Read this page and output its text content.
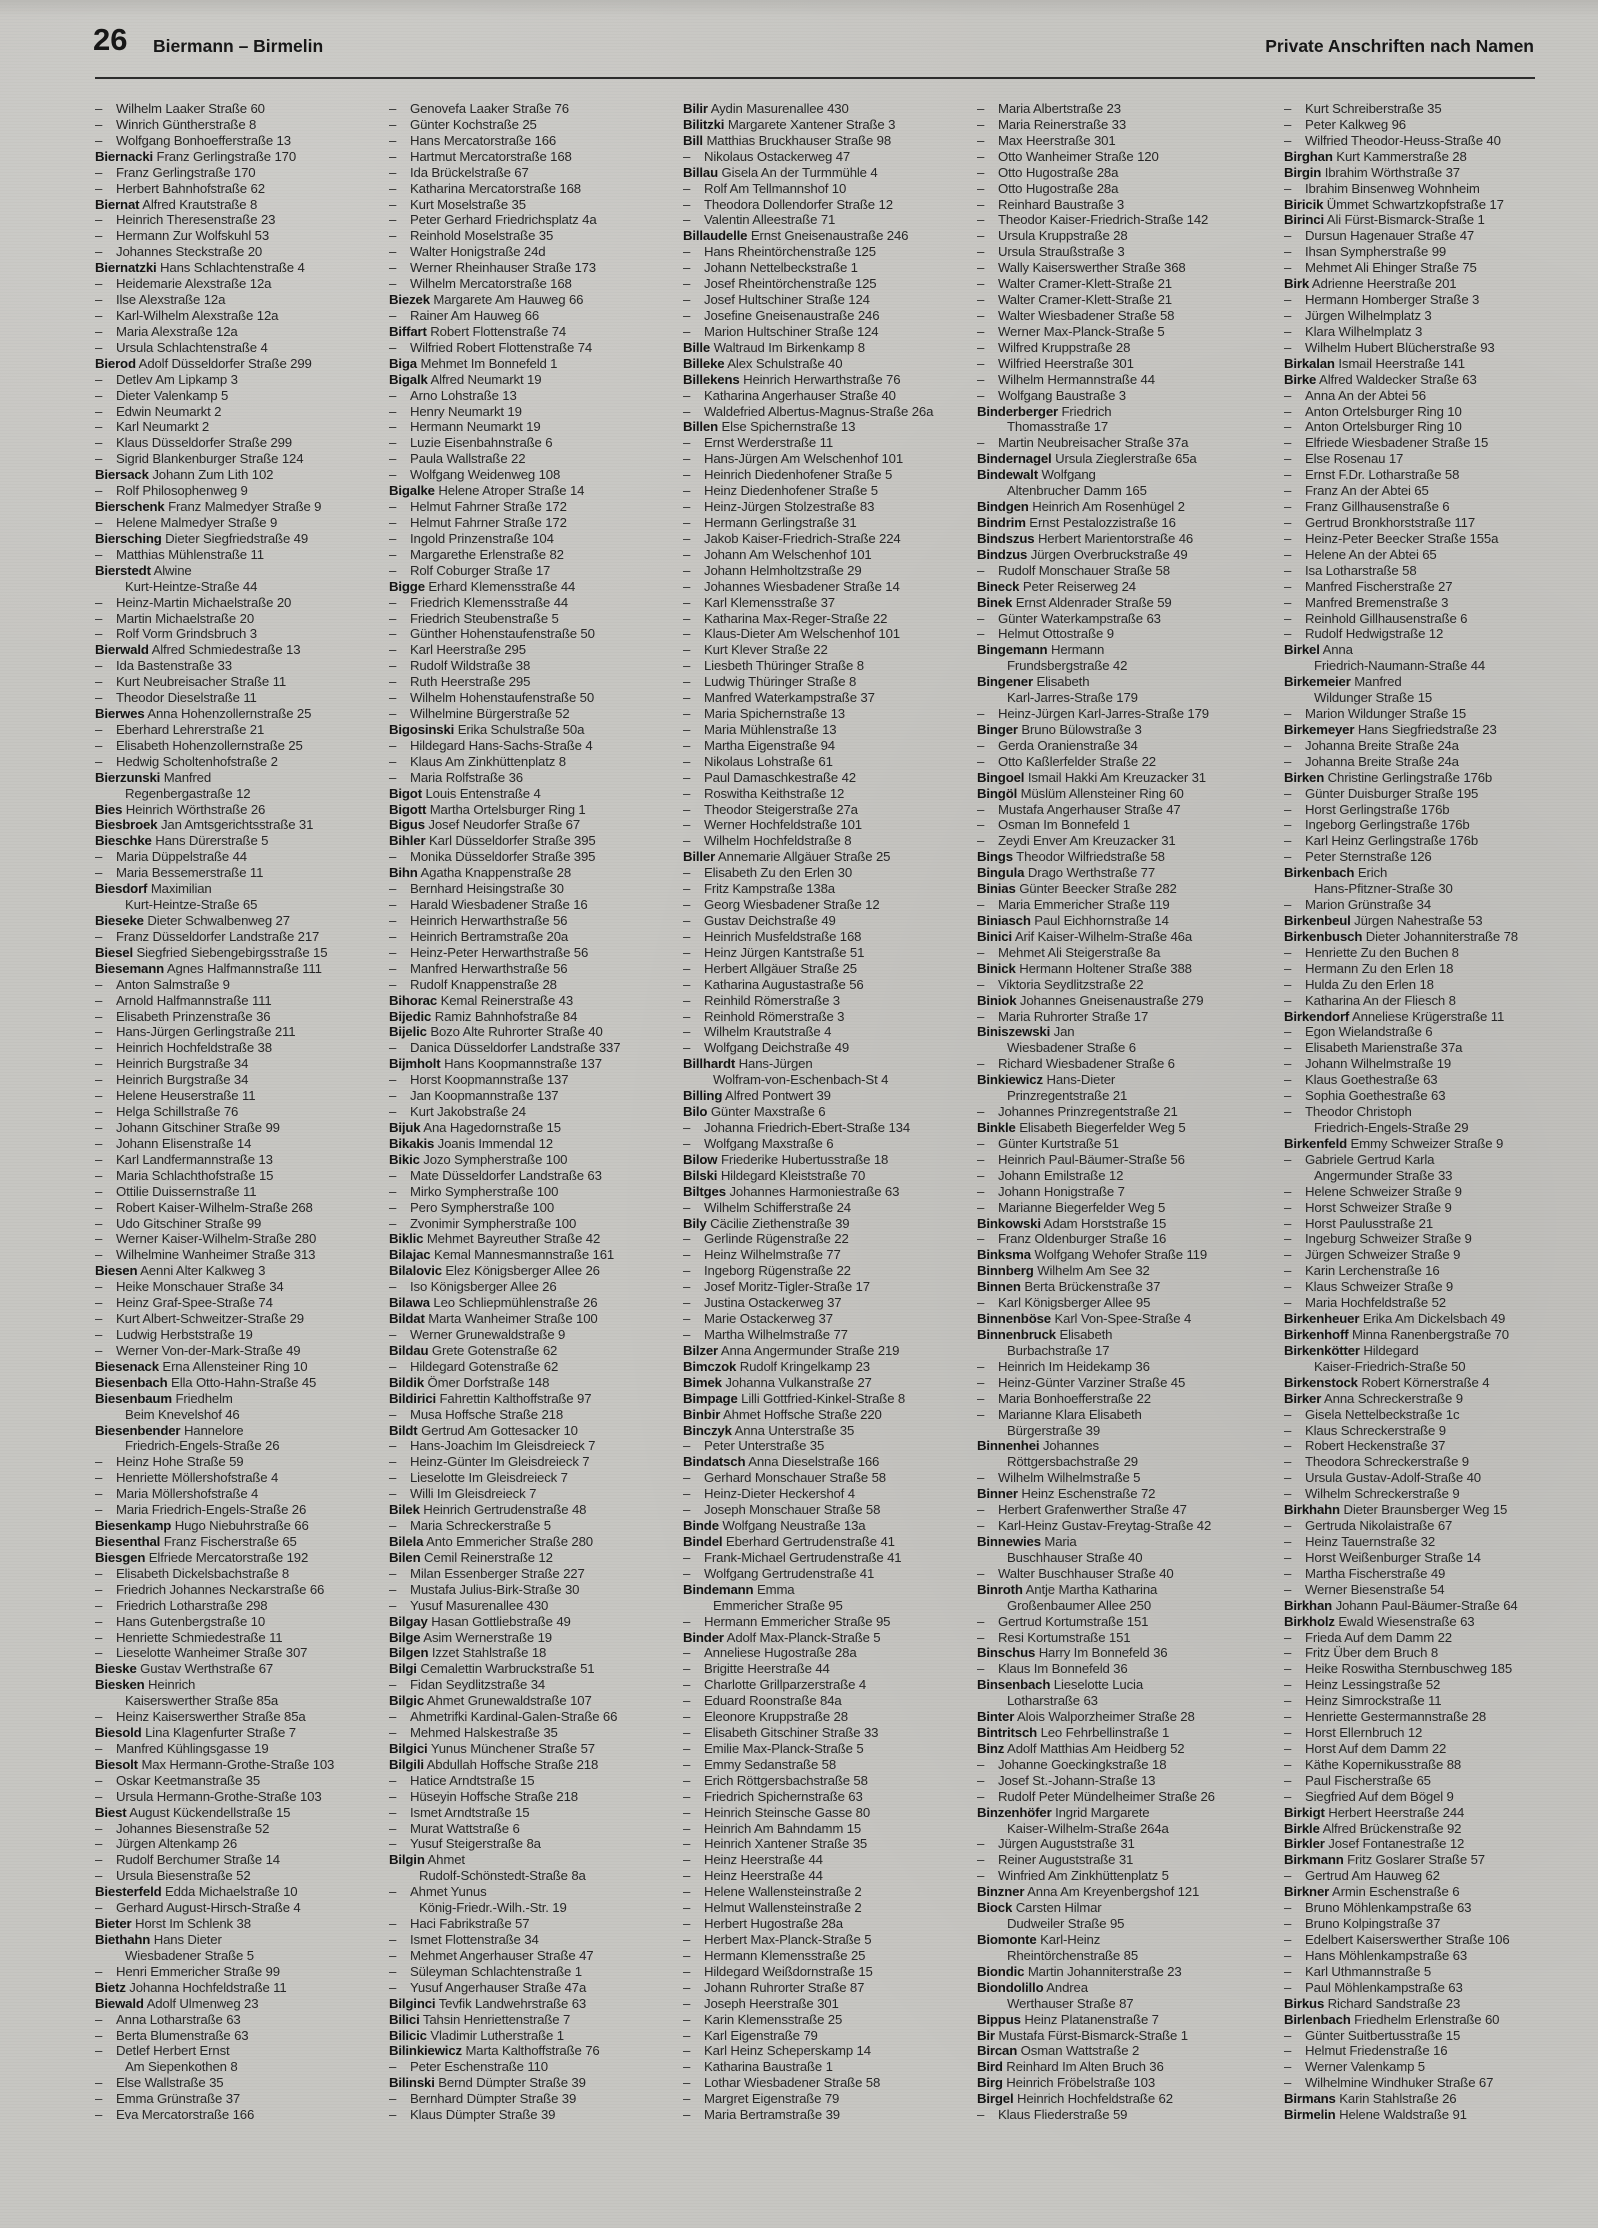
26 Biermann – Birmelin	Private Anschriften nach Namen
– Wilhelm Laaker Straße 60
– Winrich Güntherstraße 8
– Wolfgang Bonhoefferstraße 13
Biernacki Franz Gerlingstraße 170
– Franz Gerlingstraße 170
– Herbert Bahnhofstraße 62
Biernat Alfred Krautstraße 8
– Heinrich Theresenstraße 23
– Hermann Zur Wolfskuhl 53
– Johannes Steckstraße 20
Biernatzki Hans Schlachtenstraße 4
– Heidemarie Alexstraße 12a
– Ilse Alexstraße 12a
– Karl-Wilhelm Alexstraße 12a
– Maria Alexstraße 12a
– Ursula Schlachtenstraße 4
Bierod Adolf Düsseldorfer Straße 299
– Detlev Am Lipkamp 3
– Dieter Valenkamp 5
– Edwin Neumarkt 2
– Karl Neumarkt 2
– Klaus Düsseldorfer Straße 299
– Sigrid Blankenburger Straße 124
Biersack Johann Zum Lith 102
– Rolf Philosophenweg 9
Bierschenk Franz Malmedyer Straße 9
– Helene Malmedyer Straße 9
Biersching Dieter Siegfriedstraße 49
– Matthias Mühlenstraße 11
Bierstedt Alwine
Kurt-Heintze-Straße 44
– Heinz-Martin Michaelstraße 20
– Martin Michaelstraße 20
– Rolf Vorm Grindsbruch 3
Bierwald Alfred Schmiedestraße 13
– Ida Bastenstraße 33
– Kurt Neubreisacher Straße 11
– Theodor Dieselstraße 11
Bierwes Anna Hohenzollernstraße 25
– Eberhard Lehrerstraße 21
– Elisabeth Hohenzollernstraße 25
– Hedwig Scholtenhofstraße 2
Bierzunski Manfred
Regenbergastraße 12
Bies Heinrich Wörthstraße 26
Biesbroek Jan Amtsgerichtsstraße 31
Bieschke Hans Dürerstraße 5
– Maria Düppelstraße 44
– Maria Bessemerstraße 11
Biesdorf Maximilian
Kurt-Heintze-Straße 65
Bieseke Dieter Schwalbenweg 27
– Franz Düsseldorfer Landstraße 217
Biesel Siegfried Siebengebirgsstraße 15
Biesemann Agnes Halfmannstraße 111
– Anton Salmstraße 9
– Arnold Halfmannstraße 111
– Elisabeth Prinzenstraße 36
– Hans-Jürgen Gerlingstraße 211
– Heinrich Hochfeldstraße 38
– Heinrich Burgstraße 34
– Heinrich Burgstraße 34
– Helene Heuserstraße 11
– Helga Schillstraße 76
– Johann Gitschiner Straße 99
– Johann Elisenstraße 14
– Karl Landfermannstraße 13
– Maria Schlachthofstraße 15
– Ottilie Duissernstraße 11
– Robert Kaiser-Wilhelm-Straße 268
– Udo Gitschiner Straße 99
– Werner Kaiser-Wilhelm-Straße 280
– Wilhelmine Wanheimer Straße 313
Biesen Aenni Alter Kalkweg 3
– Heike Monschauer Straße 34
– Heinz Graf-Spee-Straße 74
– Kurt Albert-Schweitzer-Straße 29
– Ludwig Herbststraße 19
– Werner Von-der-Mark-Straße 49
Biesenack Erna Allensteiner Ring 10
Biesenbach Ella Otto-Hahn-Straße 45
Biesenbaum Friedhelm
Beim Knevelshof 46
Biesenbender Hannelore
Friedrich-Engels-Straße 26
– Heinz Hohe Straße 59
– Henriette Möllershofstraße 4
– Maria Möllershofstraße 4
– Maria Friedrich-Engels-Straße 26
Biesenkamp Hugo Niebuhrstraße 66
Biesenthal Franz Fischerstraße 65
Biesgen Elfriede Mercatorstraße 192
– Elisabeth Dickelsbachstraße 8
– Friedrich Johannes Neckarstraße 66
– Friedrich Lotharstraße 298
– Hans Gutenbergstraße 10
– Henriette Schmiedestraße 11
– Lieselotte Wanheimer Straße 307
Bieske Gustav Werthstraße 67
Biesken Heinrich
Kaiserswerther Straße 85a
– Heinz Kaiserswerther Straße 85a
Biesold Lina Klagenfurter Straße 7
– Manfred Kühlingsgasse 19
Biesolt Max Hermann-Grothe-Straße 103
– Oskar Keetmanstraße 35
– Ursula Hermann-Grothe-Straße 103
Biest August Kückendellstraße 15
– Johannes Biesenstraße 52
– Jürgen Altenkamp 26
– Rudolf Berchumer Straße 14
– Ursula Biesenstraße 52
Biesterfeld Edda Michaelstraße 10
– Gerhard August-Hirsch-Straße 4
Bieter Horst Im Schlenk 38
Biethahn Hans Dieter
Wiesbadener Straße 5
– Henri Emmericher Straße 99
Bietz Johanna Hochfeldstraße 11
Biewald Adolf Ulmenweg 23
– Anna Lotharstraße 63
– Berta Blumenstraße 63
– Detlef Herbert Ernst
Am Siepenkothen 8
– Else Wallstraße 35
– Emma Grünstraße 37
– Eva Mercatorstraße 166
– Genovefa Laaker Straße 76
– Günter Kochstraße 25
– Hans Mercatorstraße 166
– Hartmut Mercatorstraße 168
– Ida Brückelstraße 67
– Katharina Mercatorstraße 168
– Kurt Moselstraße 35
– Peter Gerhard Friedrichsplatz 4a
– Reinhold Moselstraße 35
– Walter Honigstraße 24d
– Werner Rheinhauser Straße 173
– Wilhelm Mercatorstraße 168
Biezek Margarete Am Hauweg 66
– Rainer Am Hauweg 66
Biffart Robert Flottenstraße 74
– Wilfried Robert Flottenstraße 74
Biga Mehmet Im Bonnefeld 1
Bigalk Alfred Neumarkt 19
– Arno Lohstraße 13
– Henry Neumarkt 19
– Hermann Neumarkt 19
– Luzie Eisenbahnstraße 6
– Paula Wallstraße 22
– Wolfgang Weidenweg 108
Bigalke Helene Atroper Straße 14
– Helmut Fahrner Straße 172
– Helmut Fahrner Straße 172
– Ingold Prinzenstraße 104
– Margarethe Erlenstraße 82
– Rolf Coburger Straße 17
Bigge Erhard Klemensstraße 44
– Friedrich Klemensstraße 44
– Friedrich Steubenstraße 5
– Günther Hohenstaufenstraße 50
– Karl Heerstraße 295
– Rudolf Wildstraße 38
– Ruth Heerstraße 295
– Wilhelm Hohenstaufenstraße 50
– Wilhelmine Bürgerstraße 52
Bigosinski Erika Schulstraße 50a
– Hildegard Hans-Sachs-Straße 4
– Klaus Am Zinkhüttenplatz 8
– Maria Rolfstraße 36
Bigot Louis Entenstraße 4
Bigott Martha Ortelsburger Ring 1
Bigus Josef Neudorfer Straße 67
Bihler Karl Düsseldorfer Straße 395
– Monika Düsseldorfer Straße 395
Bihn Agatha Knappenstraße 28
– Bernhard Heisingstraße 30
– Harald Wiesbadener Straße 16
– Heinrich Herwarthstraße 56
– Heinrich Bertramstraße 20a
– Heinz-Peter Herwarthstraße 56
– Manfred Herwarthstraße 56
– Rudolf Knappenstraße 28
Bihorac Kemal Reinerstraße 43
Bijedic Ramiz Bahnhofstraße 84
Bijelic Bozo Alte Ruhrorter Straße 40
– Danica Düsseldorfer Landstraße 337
Bijmholt Hans Koopmannstraße 137
– Horst Koopmannstraße 137
– Jan Koopmannstraße 137
– Kurt Jakobstraße 24
Bijuk Ana Hagedornstraße 15
Bikakis Joanis Immendal 12
Bikic Jozo Sympherstraße 100
– Mate Düsseldorfer Landstraße 63
– Mirko Sympherstraße 100
– Pero Sympherstraße 100
– Zvonimir Sympherstraße 100
Biklic Mehmet Bayreuther Straße 42
Bilajac Kemal Mannesmannstraße 161
Bilalovic Elez Königsberger Allee 26
– Iso Königsberger Allee 26
Bilawa Leo Schliepmühlenstraße 26
Bildat Marta Wanheimer Straße 100
– Werner Grunewaldstraße 9
Bildau Grete Gotenstraße 62
– Hildegard Gotenstraße 62
Bildik Ömer Dorfstraße 148
Bildirici Fahrettin Kalthoffstraße 97
– Musa Hoffsche Straße 218
Bildt Gertrud Am Gottesacker 10
– Hans-Joachim Im Gleisdreieck 7
– Heinz-Günter Im Gleisdreieck 7
– Lieselotte Im Gleisdreieck 7
– Willi Im Gleisdreieck 7
Bilek Heinrich Gertrudenstraße 48
– Maria Schreckerstraße 5
Bilela Anto Emmericher Straße 280
Bilen Cemil Reinerstraße 12
– Milan Essenberger Straße 227
– Mustafa Julius-Birk-Straße 30
– Yusuf Masurenallee 430
Bilgay Hasan Gottliebstraße 49
Bilge Asim Wernerstraße 19
Bilgen Izzet Stahlstraße 18
Bilgi Cemalettin Warbruckstraße 51
– Fidan Seydlitzstraße 34
Bilgic Ahmet Grunewaldstraße 107
– Ahmetrifki Kardinal-Galen-Straße 66
– Mehmed Halskestraße 35
Bilgici Yunus Münchener Straße 57
Bilgili Abdullah Hoffsche Straße 218
– Hatice Arndtstraße 15
– Hüseyin Hoffsche Straße 218
– Ismet Arndtstraße 15
– Murat Wattstraße 6
– Yusuf Steigerstraße 8a
Bilgin Ahmet
Rudolf-Schönstedt-Straße 8a
– Ahmet Yunus
König-Friedr.-Wilh.-Str. 19
– Haci Fabrikstraße 57
– Ismet Flottenstraße 34
– Mehmet Angerhauser Straße 47
– Süleyman Schlachtenstraße 1
– Yusuf Angerhauser Straße 47a
Bilginci Tevfik Landwehrstraße 63
Bilici Tahsin Henriettenstraße 7
Bilicic Vladimir Lutherstraße 1
Bilinkiewicz Marta Kalthoffstraße 76
– Peter Eschenstraße 110
Bilinski Bernd Dümpter Straße 39
– Bernhard Dümpter Straße 39
– Klaus Dümpter Straße 39
Bilir Aydin Masurenallee 430
Bilitzki Margarete Xantener Straße 3
Bill Matthias Bruckhauser Straße 98
– Nikolaus Ostackerweg 47
Billau Gisela An der Turmmühle 4
– Rolf Am Tellmannshof 10
– Theodora Dollendorfer Straße 12
– Valentin Alleestraße 71
Billaudelle Ernst Gneisenaustraße 246
– Hans Rheintörchenstraße 125
– Johann Nettelbeckstraße 1
– Josef Rheintörchenstraße 125
– Josef Hultschiner Straße 124
– Josefine Gneisenaustraße 246
– Marion Hultschiner Straße 124
Bille Waltraud Im Birkenkamp 8
Billeke Alex Schulstraße 40
Billekens Heinrich Herwarthstraße 76
– Katharina Angerhauser Straße 40
– Waldefried Albertus-Magnus-Straße 26a
Billen Else Spichernstraße 13
– Ernst Werderstraße 11
– Hans-Jürgen Am Welschenhof 101
– Heinrich Diedenhofener Straße 5
– Heinz Diedenhofener Straße 5
– Heinz-Jürgen Stolzestraße 83
– Hermann Gerlingstraße 31
– Jakob Kaiser-Friedrich-Straße 224
– Johann Am Welschenhof 101
– Johann Helmholtzstraße 29
– Johannes Wiesbadener Straße 14
– Karl Klemensstraße 37
– Katharina Max-Reger-Straße 22
– Klaus-Dieter Am Welschenhof 101
– Kurt Klever Straße 22
– Liesbeth Thüringer Straße 8
– Ludwig Thüringer Straße 8
– Manfred Waterkampstraße 37
– Maria Spichernstraße 13
– Maria Mühlenstraße 13
– Martha Eigenstraße 94
– Nikolaus Lohstraße 61
– Paul Damaschkestraße 42
– Roswitha Keithstraße 12
– Theodor Steigerstraße 27a
– Werner Hochfeldstraße 101
– Wilhelm Hochfeldstraße 8
Biller Annemarie Allgäuer Straße 25
– Elisabeth Zu den Erlen 30
– Fritz Kampstraße 138a
– Georg Wiesbadener Straße 12
– Gustav Deichstraße 49
– Heinrich Musfeldstraße 168
– Heinz Jürgen Kantstraße 51
– Herbert Allgäuer Straße 25
– Katharina Augustastraße 56
– Reinhild Römerstraße 3
– Reinhold Römerstraße 3
– Wilhelm Krautstraße 4
– Wolfgang Deichstraße 49
Billhardt Hans-Jürgen
Wolfram-von-Eschenbach-St 4
Billing Alfred Pontwert 39
Bilo Günter Maxstraße 6
– Johanna Friedrich-Ebert-Straße 134
– Wolfgang Maxstraße 6
Bilow Friederike Hubertusstraße 18
Bilski Hildegard Kleiststraße 70
Biltges Johannes Harmoniestraße 63
– Wilhelm Schifferstraße 24
Bily Cäcilie Ziethenstraße 39
– Gerlinde Rügenstraße 22
– Heinz Wilhelmstraße 77
– Ingeborg Rügenstraße 22
– Josef Moritz-Tigler-Straße 17
– Justina Ostackerweg 37
– Marie Ostackerweg 37
– Martha Wilhelmstraße 77
Bilzer Anna Angermunder Straße 219
Bimczok Rudolf Kringelkamp 23
Bimek Johanna Vulkanstraße 27
Bimpage Lilli Gottfried-Kinkel-Straße 8
Binbir Ahmet Hoffsche Straße 220
Binczyk Anna Unterstraße 35
– Peter Unterstraße 35
Bindatsch Anna Dieselstraße 166
– Gerhard Monschauer Straße 58
– Heinz-Dieter Heckershof 4
– Joseph Monschauer Straße 58
Binde Wolfgang Neustraße 13a
Bindel Eberhard Gertrudenstraße 41
– Frank-Michael Gertrudenstraße 41
– Wolfgang Gertrudenstraße 41
Bindemann Emma
Emmericher Straße 95
– Hermann Emmericher Straße 95
Binder Adolf Max-Planck-Straße 5
– Anneliese Hugostraße 28a
– Brigitte Heerstraße 44
– Charlotte Grillparzerstraße 4
– Eduard Roonstraße 84a
– Eleonore Kruppstraße 28
– Elisabeth Gitschiner Straße 33
– Emilie Max-Planck-Straße 5
– Emmy Sedanstraße 58
– Erich Röttgersbachstraße 58
– Friedrich Spichernstraße 63
– Heinrich Steinsche Gasse 80
– Heinrich Am Bahndamm 15
– Heinrich Xantener Straße 35
– Heinz Heerstraße 44
– Heinz Heerstraße 44
– Helene Wallensteinstraße 2
– Helmut Wallensteinstraße 2
– Herbert Hugostraße 28a
– Herbert Max-Planck-Straße 5
– Hermann Klemensstraße 25
– Hildegard Weißdornstraße 15
– Johann Ruhrorter Straße 87
– Joseph Heerstraße 301
– Karin Klemensstraße 25
– Karl Eigenstraße 79
– Karl Heinz Scheperskamp 14
– Katharina Baustraße 1
– Lothar Wiesbadener Straße 58
– Margret Eigenstraße 79
– Maria Bertramstraße 39
– Maria Albertstraße 23
– Maria Reinerstraße 33
– Max Heerstraße 301
– Otto Wanheimer Straße 120
– Otto Hugostraße 28a
– Otto Hugostraße 28a
– Reinhard Baustraße 3
– Theodor Kaiser-Friedrich-Straße 142
– Ursula Kruppstraße 28
– Ursula Straußstraße 3
– Wally Kaiserswerther Straße 368
– Walter Cramer-Klett-Straße 21
– Walter Cramer-Klett-Straße 21
– Walter Wiesbadener Straße 58
– Werner Max-Planck-Straße 5
– Wilfred Kruppstraße 28
– Wilfried Heerstraße 301
– Wilhelm Hermannstraße 44
– Wolfgang Baustraße 3
Binderberger Friedrich
Thomasstraße 17
– Martin Neubreisacher Straße 37a
Bindernagel Ursula Zieglerstraße 65a
Bindewalt Wolfgang
Altenbrucher Damm 165
Bindgen Heinrich Am Rosenhügel 2
Bindrim Ernst Pestalozzistraße 16
Bindszus Herbert Marientorstraße 46
Bindzus Jürgen Overbruckstraße 49
– Rudolf Monschauer Straße 58
Bineck Peter Reiserweg 24
Binek Ernst Aldenrader Straße 59
– Günter Waterkampstraße 63
– Helmut Ottostraße 9
Bingemann Hermann
Frundsbergstraße 42
Bingener Elisabeth
Karl-Jarres-Straße 179
– Heinz-Jürgen Karl-Jarres-Straße 179
Binger Bruno Bülowstraße 3
– Gerda Oranienstraße 34
– Otto Kaßlerfelder Straße 22
Bingoel Ismail Hakki Am Kreuzacker 31
Bingöl Müslüm Allensteiner Ring 60
– Mustafa Angerhauser Straße 47
– Osman Im Bonnefeld 1
– Zeydi Enver Am Kreuzacker 31
Bings Theodor Wilfriedstraße 58
Bingula Drago Werthstraße 77
Binias Günter Beecker Straße 282
– Maria Emmericher Straße 119
Biniasch Paul Eichhornstraße 14
Binici Arif Kaiser-Wilhelm-Straße 46a
– Mehmet Ali Steigerstraße 8a
Binick Hermann Holtener Straße 388
– Viktoria Seydlitzstraße 22
Biniok Johannes Gneisenaustraße 279
– Maria Ruhrorter Straße 17
Biniszewski Jan
Wiesbadener Straße 6
– Richard Wiesbadener Straße 6
Binkiewicz Hans-Dieter
Prinzregentstraße 21
– Johannes Prinzregentstraße 21
Binkle Elisabeth Biegerfelder Weg 5
– Günter Kurtstraße 51
– Heinrich Paul-Bäumer-Straße 56
– Johann Emilstraße 12
– Johann Honigstraße 7
– Marianne Biegerfelder Weg 5
Binkowski Adam Horststraße 15
– Franz Oldenburger Straße 16
Binksma Wolfgang Wehofer Straße 119
Binnberg Wilhelm Am See 32
Binnen Berta Brückenstraße 37
– Karl Königsberger Allee 95
Binnenböse Karl Von-Spee-Straße 4
Binnenbruck Elisabeth
Burbachstraße 17
– Heinrich Im Heidekamp 36
– Heinz-Günter Varziner Straße 45
– Maria Bonhoefferstraße 22
– Marianne Klara Elisabeth
Bürgerstraße 39
Binnenhei Johannes
Röttgersbachstraße 29
– Wilhelm Wilhelmstraße 5
Binner Heinz Eschenstraße 72
– Herbert Grafenwerther Straße 47
– Karl-Heinz Gustav-Freytag-Straße 42
Binnewies Maria
Buschhauser Straße 40
– Walter Buschhauser Straße 40
Binroth Antje Martha Katharina
Großenbaumer Allee 250
– Gertrud Kortumstraße 151
– Resi Kortumstraße 151
Binschus Harry Im Bonnefeld 36
– Klaus Im Bonnefeld 36
Binsenbach Lieselotte Lucia
Lotharstraße 63
Binter Alois Walporzheimer Straße 28
Bintritsch Leo Fehrbellinstraße 1
Binz Adolf Matthias Am Heidberg 52
– Johanne Goeckingkstraße 18
– Josef St.-Johann-Straße 13
– Rudolf Peter Mündelheimer Straße 26
Binzenhöfer Ingrid Margarete
Kaiser-Wilhelm-Straße 264a
– Jürgen Auguststraße 31
– Reiner Auguststraße 31
– Winfried Am Zinkhüttenplatz 5
Binzner Anna Am Kreyenbergshof 121
Biock Carsten Hilmar
Dudweiler Straße 95
Biomonte Karl-Heinz
Rheintörchenstraße 85
Biondic Martin Johanniterstraße 23
Biondolillo Andrea
Werthauser Straße 87
Bippus Heinz Platanenstraße 7
Bir Mustafa Fürst-Bismarck-Straße 1
Bircan Osman Wattstraße 2
Bird Reinhard Im Alten Bruch 36
Birg Heinrich Fröbelstraße 103
Birgel Heinrich Hochfeldstraße 62
– Klaus Fliederstraße 59
– Kurt Schreiberstraße 35
– Peter Kalkweg 96
– Wilfried Theodor-Heuss-Straße 40
Birghan Kurt Kammerstraße 28
Birgin Ibrahim Wörthstraße 37
– Ibrahim Binsenweg Wohnheim
Biricik Ümmet Schwartzkopfstraße 17
Birinci Ali Fürst-Bismarck-Straße 1
– Dursun Hagenauer Straße 47
– Ihsan Sympherstraße 99
– Mehmet Ali Ehinger Straße 75
Birk Adrienne Heerstraße 201
– Hermann Homberger Straße 3
– Jürgen Wilhelmplatz 3
– Klara Wilhelmplatz 3
– Wilhelm Hubert Blücherstraße 93
Birkalan Ismail Heerstraße 141
Birke Alfred Waldecker Straße 63
– Anna An der Abtei 56
– Anton Ortelsburger Ring 10
– Anton Ortelsburger Ring 10
– Elfriede Wiesbadener Straße 15
– Else Rosenau 17
– Ernst F.Dr. Lotharstraße 58
– Franz An der Abtei 65
– Franz Gillhausenstraße 6
– Gertrud Bronkhorststraße 117
– Heinz-Peter Beecker Straße 155a
– Helene An der Abtei 65
– Isa Lotharstraße 58
– Manfred Fischerstraße 27
– Manfred Bremenstraße 3
– Reinhold Gillhausenstraße 6
– Rudolf Hedwigstraße 12
Birkel Anna
Friedrich-Naumann-Straße 44
Birkemeier Manfred
Wildunger Straße 15
– Marion Wildunger Straße 15
Birkemeyer Hans Siegfriedstraße 23
– Johanna Breite Straße 24a
– Johanna Breite Straße 24a
Birken Christine Gerlingstraße 176b
– Günter Duisburger Straße 195
– Horst Gerlingstraße 176b
– Ingeborg Gerlingstraße 176b
– Karl Heinz Gerlingstraße 176b
– Peter Sternstraße 126
Birkenbach Erich
Hans-Pfitzner-Straße 30
– Marion Grünstraße 34
Birkenbeul Jürgen Nahestraße 53
Birkenbusch Dieter Johanniterstraße 78
– Henriette Zu den Buchen 8
– Hermann Zu den Erlen 18
– Hulda Zu den Erlen 18
– Katharina An der Fliesch 8
Birkendorf Anneliese Krügerstraße 11
– Egon Wielandstraße 6
– Elisabeth Marienstraße 37a
– Johann Wilhelmstraße 19
– Klaus Goethestraße 63
– Sophia Goethestraße 63
– Theodor Christoph
Friedrich-Engels-Straße 29
Birkenfeld Emmy Schweizer Straße 9
– Gabriele Gertrud Karla
Angermunder Straße 33
– Helene Schweizer Straße 9
– Horst Schweizer Straße 9
– Horst Paulusstraße 21
– Ingeburg Schweizer Straße 9
– Jürgen Schweizer Straße 9
– Karin Lerchenstraße 16
– Klaus Schweizer Straße 9
– Maria Hochfeldstraße 52
Birkenheuer Erika Am Dickelsbach 49
Birkenhoff Minna Ranenbergstraße 70
Birkenkötter Hildegard
Kaiser-Friedrich-Straße 50
Birkenstock Robert Körnerstraße 4
Birker Anna Schreckerstraße 9
– Gisela Nettelbeckstraße 1c
– Klaus Schreckerstraße 9
– Robert Heckenstraße 37
– Theodora Schreckerstraße 9
– Ursula Gustav-Adolf-Straße 40
– Wilhelm Schreckerstraße 9
Birkhahn Dieter Braunsberger Weg 15
– Gertruda Nikolaistraße 67
– Heinz Tauernstraße 32
– Horst Weißenburger Straße 14
– Martha Fischerstraße 49
– Werner Biesenstraße 54
Birkhan Johann Paul-Bäumer-Straße 64
Birkholz Ewald Wiesenstraße 63
– Frieda Auf dem Damm 22
– Fritz Über dem Bruch 8
– Heike Roswitha Sternbuschweg 185
– Heinz Lessingstraße 52
– Heinz Simrockstraße 11
– Henriette Gestermannstraße 28
– Horst Ellernbruch 12
– Horst Auf dem Damm 22
– Käthe Kopernikusstraße 88
– Paul Fischerstraße 65
– Siegfried Auf dem Bögel 9
Birkigt Herbert Heerstraße 244
Birkle Alfred Brückenstraße 92
Birkler Josef Fontanestraße 12
Birkmann Fritz Goslarer Straße 57
– Gertrud Am Hauweg 62
Birkner Armin Eschenstraße 6
– Bruno Möhlenkampstraße 63
– Bruno Kolpingstraße 37
– Edelbert Kaiserswerther Straße 106
– Hans Möhlenkampstraße 63
– Karl Uthmannstraße 5
– Paul Möhlenkampstraße 63
Birkus Richard Sandstraße 23
Birlenbach Friedhelm Erlenstraße 60
– Günter Suitbertusstraße 15
– Helmut Friedenstraße 16
– Werner Valenkamp 5
– Wilhelmine Windhuker Straße 67
Birmans Karin Stahlstraße 26
Birmelin Helene Waldstraße 91
